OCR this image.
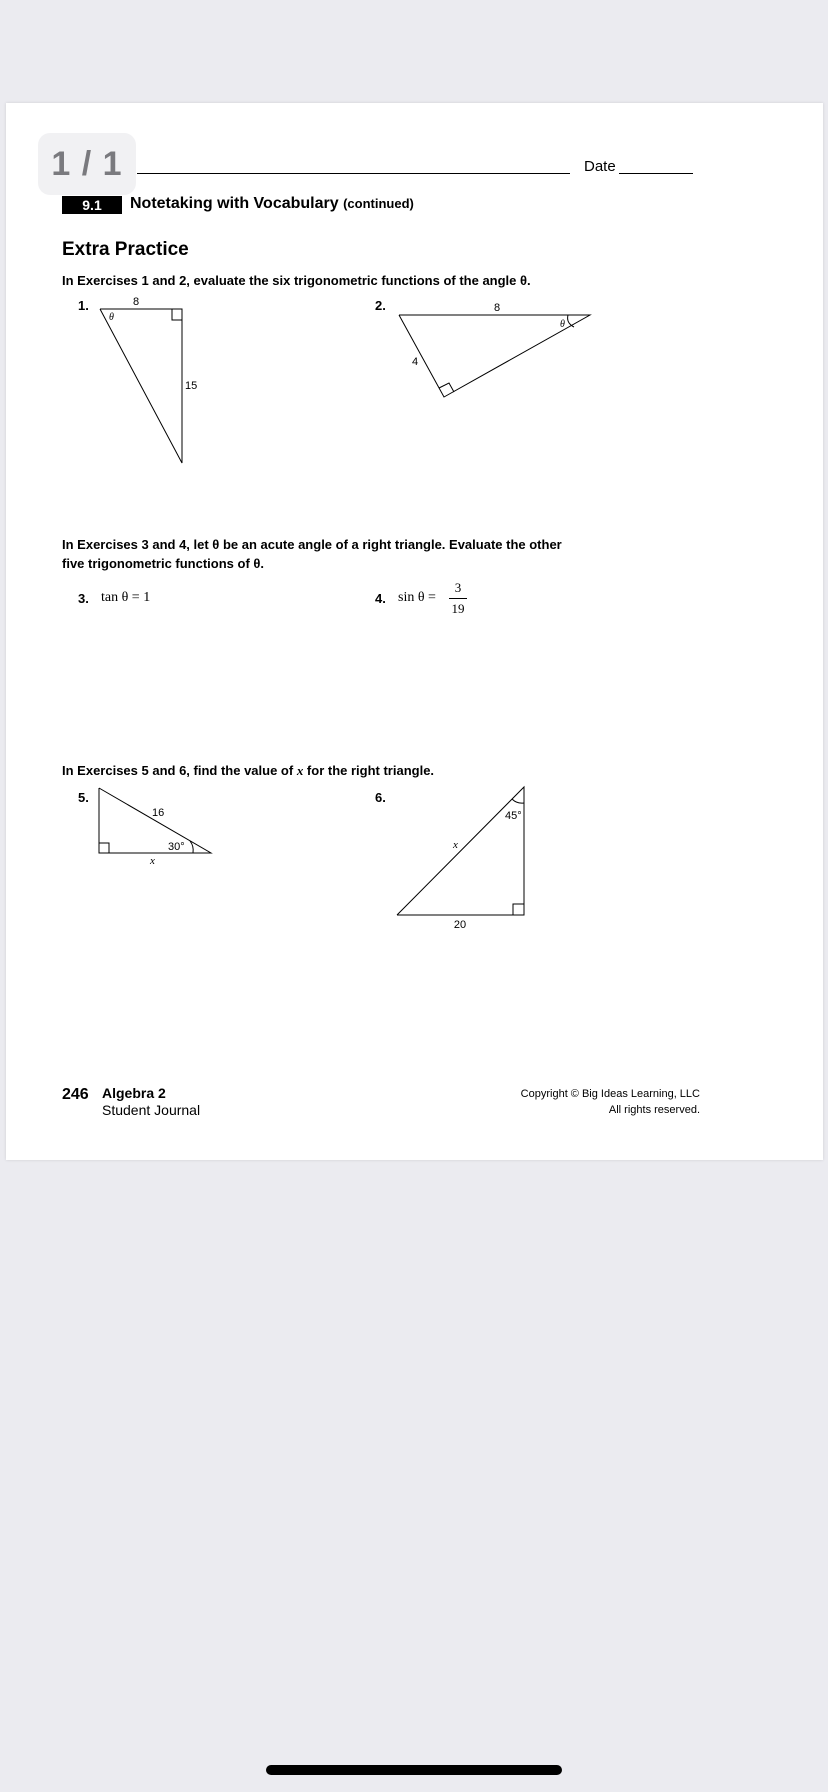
1 / 1	Date
9.1	Notetaking with Vocabulary (continued)
Extra Practice
In Exercises 1 and 2, evaluate the six trigonometric functions of the angle θ.
1.	2.
8
15
θ
8
4
θ
16
30°
x
x
45°
20
In Exercises 3 and 4, let θ be an acute angle of a right triangle. Evaluate the other
five trigonometric functions of θ.
3. tan θ = 1	4. sin θ =
3
19
In Exercises 5 and 6, find the value of x for the right triangle.
5.	6.
246 Algebra 2
Student Journal
Copyright © Big Ideas Learning, LLC
All rights reserved.
